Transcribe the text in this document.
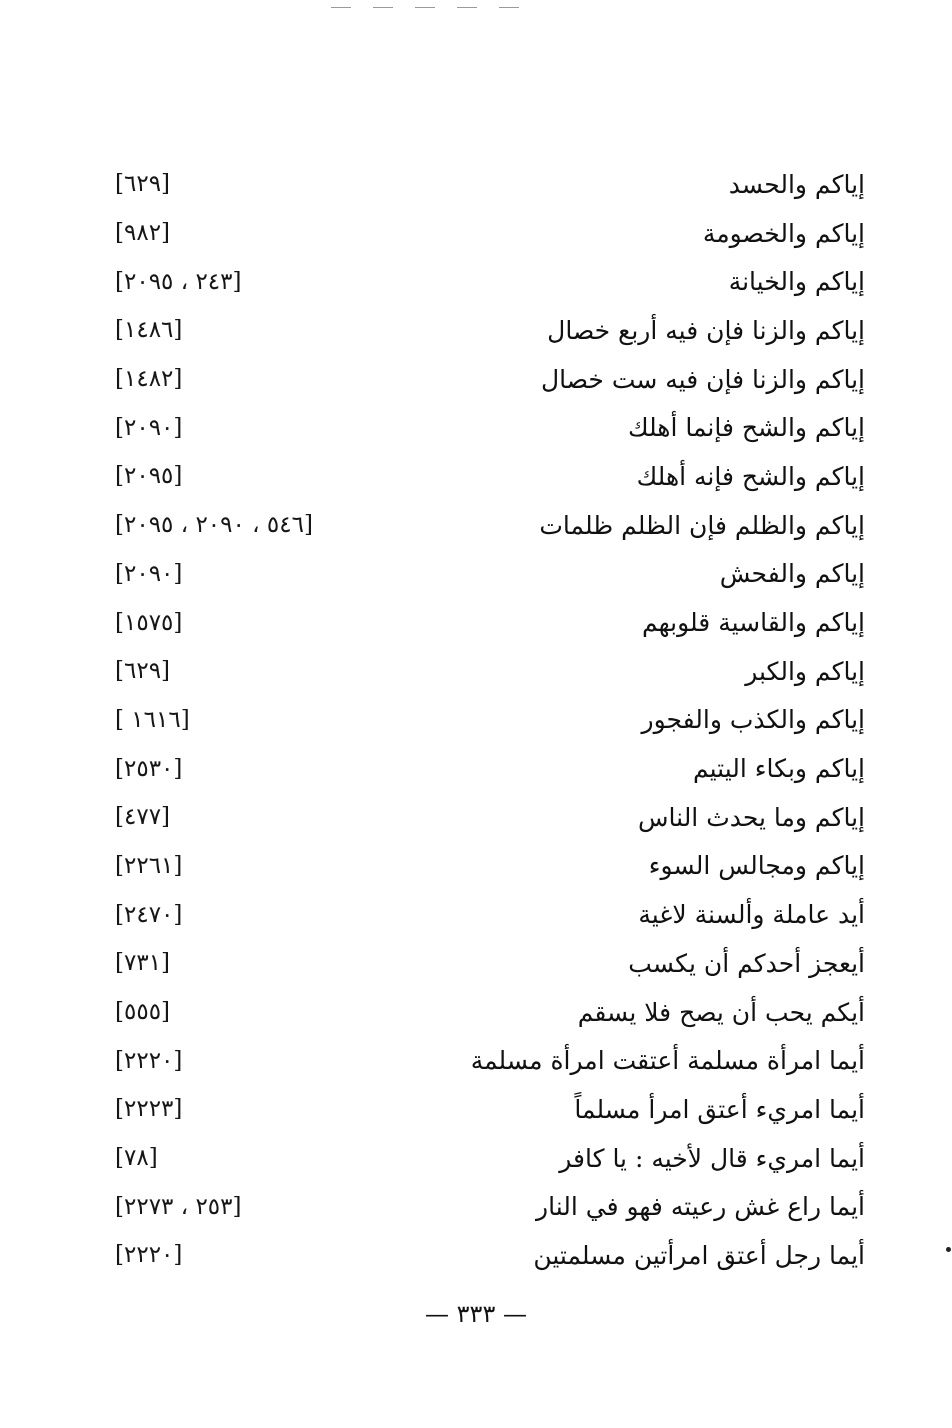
[٦٢٩]	إياكم والحسد
[٩٨٢]	إياكم والخصومة
[٢٤٣ ، ٢٠٩٥]	إياكم والخيانة
[١٤٨٦]	إياكم والزنا فإن فيه أربع خصال
[١٤٨٢]	إياكم والزنا فإن فيه ست خصال
[٢٠٩٠]	إياكم والشح فإنما أهلك
[٢٠٩٥]	إياكم والشح فإنه أهلك
[٥٤٦ ، ٢٠٩٠ ، ٢٠٩٥]	إياكم والظلم فإن الظلم ظلمات
[٢٠٩٠]	إياكم والفحش
[١٥٧٥]	إياكم والقاسية قلوبهم
[٦٢٩]	إياكم والكبر
[ ١٦١٦]	إياكم والكذب والفجور
[٢٥٣٠]	إياكم وبكاء اليتيم
[٤٧٧]	إياكم وما يحدث الناس
[٢٢٦١]	إياكم ومجالس السوء
[٢٤٧٠]	أيد عاملة وألسنة لاغية
[٧٣١]	أيعجز أحدكم أن يكسب
[٥٥٥]	أيكم يحب أن يصح فلا يسقم
[٢٢٢٠]	أيما امرأة مسلمة أعتقت امرأة مسلمة
[٢٢٢٣]	أيما امريء أعتق امرأ مسلماً
[٧٨]	أيما امريء قال لأخيه : يا كافر
[٢٥٣ ، ٢٢٧٣]	أيما راع غش رعيته فهو في النار
[٢٢٢٠]	أيما رجل أعتق امرأتين مسلمتين
— ٣٣٣ —
